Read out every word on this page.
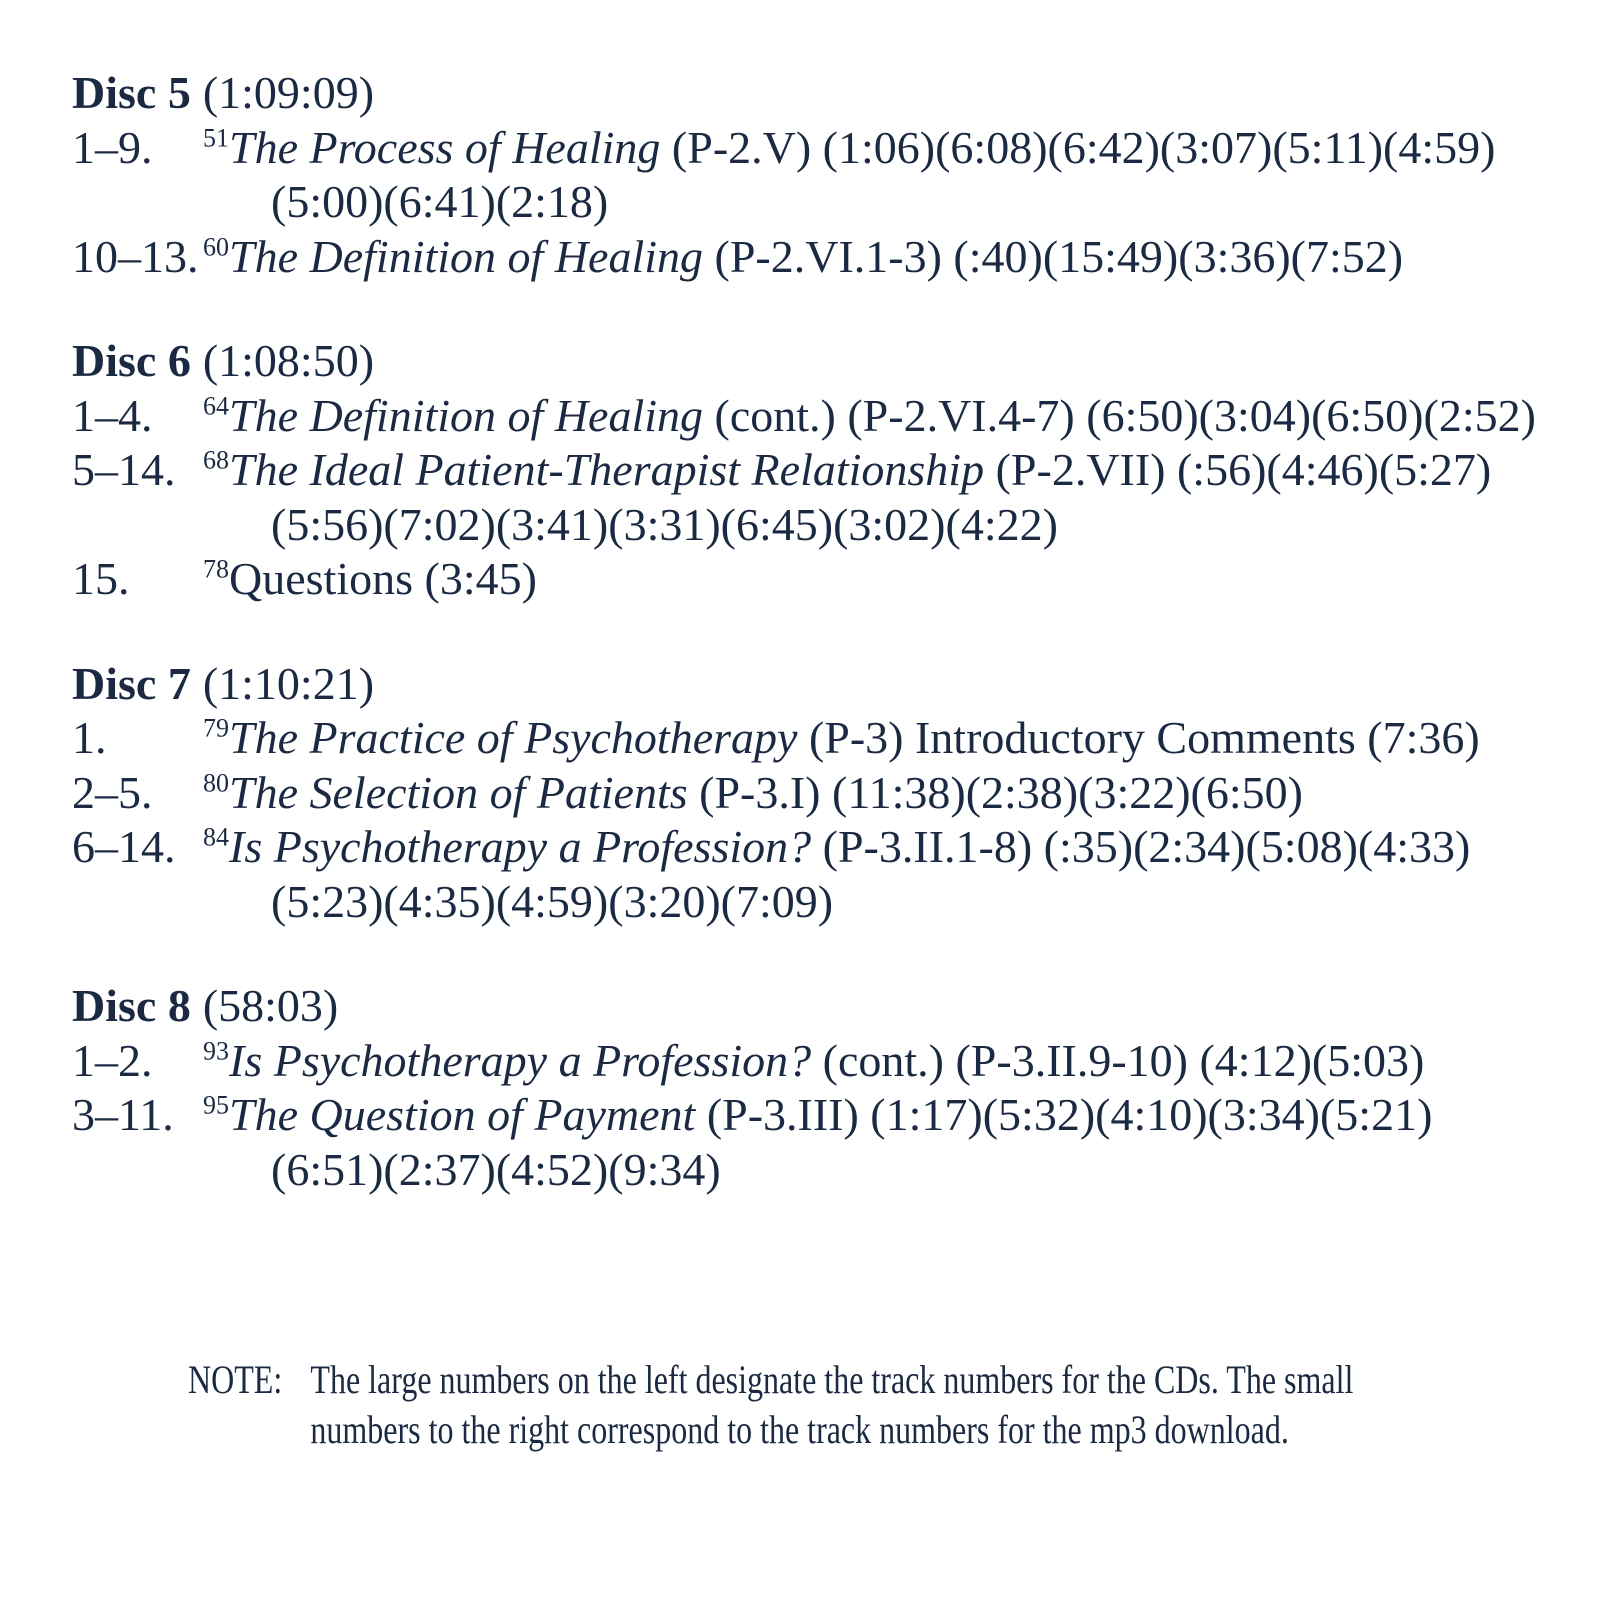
Disc 5 (1:09:09)
1–9.	$^{51}$The Process of Healing (P-2.V) (1:06)(6:08)(6:42)(3:07)(5:11)(4:59)
(5:00)(6:41)(2:18)
10–13. $^{60}$The Definition of Healing (P-2.VI.1-3) (:40)(15:49)(3:36)(7:52)
Disc 6 (1:08:50)
1–4.	$^{64}$The Definition of Healing (cont.) (P-2.VI.4-7) (6:50)(3:04)(6:50)(2:52)
5–14.	$^{68}$The Ideal Patient-Therapist Relationship (P-2.VII) (:56)(4:46)(5:27)
(5:56)(7:02)(3:41)(3:31)(6:45)(3:02)(4:22)
15.	$^{78}$Questions (3:45)
Disc 7 (1:10:21)
1.	$^{79}$The Practice of Psychotherapy (P-3) Introductory Comments (7:36)
2–5.	$^{80}$The Selection of Patients (P-3.I) (11:38)(2:38)(3:22)(6:50)
6–14.	$^{84}$Is Psychotherapy a Profession? (P-3.II.1-8) (:35)(2:34)(5:08)(4:33)
(5:23)(4:35)(4:59)(3:20)(7:09)
Disc 8 (58:03)
1–2.	$^{93}$Is Psychotherapy a Profession? (cont.) (P-3.II.9-10) (4:12)(5:03)
3–11.	$^{95}$The Question of Payment (P-3.III) (1:17)(5:32)(4:10)(3:34)(5:21)
(6:51)(2:37)(4:52)(9:34)
NOTE: The large numbers on the left designate the track numbers for the CDs. The small
numbers to the right correspond to the track numbers for the mp3 download.
